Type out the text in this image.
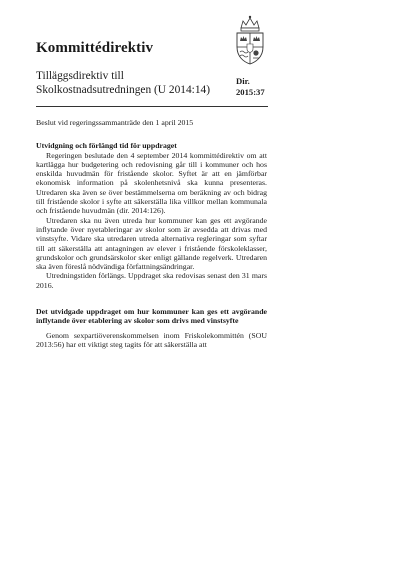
Kommittédirektiv

Tilläggsdirektiv till Skolkostnadsutredningen (U 2014:14)

Dir.
2015:37

Beslut vid regeringssammanträde den 1 april 2015

Utvidgning och förlängd tid för uppdraget

Regeringen beslutade den 4 september 2014 kommittédirektiv om att kartlägga hur budgetering och redovisning går till i kommuner och hos enskilda huvudmän för fristående skolor. Syftet är att en jämförbar ekonomisk information på skolenhetsnivå ska kunna presenteras. Utredaren ska även se över bestämmelserna om beräkning av och bidrag till fristående skolor i syfte att säkerställa lika villkor mellan kommunala och fristående huvudmän (dir. 2014:126).

Utredaren ska nu även utreda hur kommuner kan ges ett avgörande inflytande över nyetableringar av skolor som är avsedda att drivas med vinstsyfte. Vidare ska utredaren utreda alternativa regleringar som syftar till att säkerställa att antagningen av elever i fristående förskoleklasser, grundskolor och grundsärskolor sker enligt gällande regelverk. Utredaren ska även föreslå nödvändiga författningsändringar.

Utredningstiden förlängs. Uppdraget ska redovisas senast den 31 mars 2016.

Det utvidgade uppdraget om hur kommuner kan ges ett avgörande inflytande över etablering av skolor som drivs med vinstsyfte

Genom sexpartiöverenskommelsen inom Friskolekommittén (SOU 2013:56) har ett viktigt steg tagits för att säkerställa att
